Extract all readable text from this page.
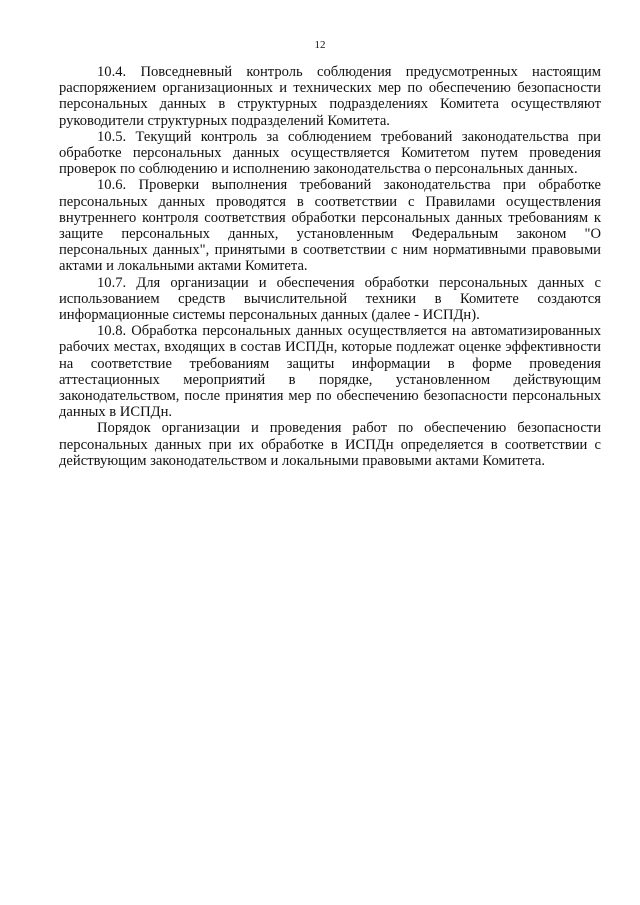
12

10.4. Повседневный контроль соблюдения предусмотренных настоящим распоряжением организационных и технических мер по обеспечению безопасности персональных данных в структурных подразделениях Комитета осуществляют руководители структурных подразделений Комитета.

10.5. Текущий контроль за соблюдением требований законодательства при обработке персональных данных осуществляется Комитетом путем проведения проверок по соблюдению и исполнению законодательства о персональных данных.

10.6. Проверки выполнения требований законодательства при обработке персональных данных проводятся в соответствии с Правилами осуществления внутреннего контроля соответствия обработки персональных данных требованиям к защите персональных данных, установленным Федеральным законом "О персональных данных", принятыми в соответствии с ним нормативными правовыми актами и локальными актами Комитета.

10.7. Для организации и обеспечения обработки персональных данных с использованием средств вычислительной техники в Комитете создаются информационные системы персональных данных (далее - ИСПДн).

10.8. Обработка персональных данных осуществляется на автоматизированных рабочих местах, входящих в состав ИСПДн, которые подлежат оценке эффективности на соответствие требованиям защиты информации в форме проведения аттестационных мероприятий в порядке, установленном действующим законодательством, после принятия мер по обеспечению безопасности персональных данных в ИСПДн.

Порядок организации и проведения работ по обеспечению безопасности персональных данных при их обработке в ИСПДн определяется в соответствии с действующим законодательством и локальными правовыми актами Комитета.
